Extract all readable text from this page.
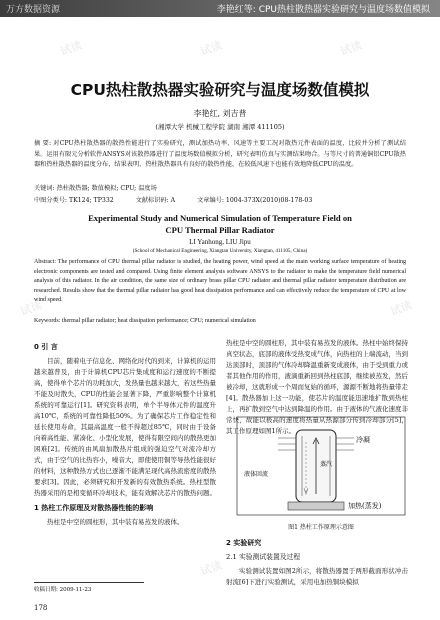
万方数据资源	李艳红等: CPU热柱散热器实验研究与温度场数值模拟
试读	试读	试读
试读	试读
试读
CPU热柱散热器实验研究与温度场数值模拟
李艳红, 刘吉普
(湘潭大学 机械工程学院 湖南 湘潭 411105)
摘 要: 对CPU热柱散热器的散热性能进行了实验研究，测试加热功率、风速等主要工况对散热元件表面的温度，比较并分析了测试结果。运用有限元分析软件ANSYS对该散热器进行了温度场数值模拟分析，研究表明仿真与实测结果吻合。与等尺寸的普通铜铝CPU散热器和热柱散热器的温度分布，结果表明，热柱散热器具有良好的散热性能，在较低风速下也能有效地降低CPU的温度。
关键词: 热柱散热器; 数值模拟; CPU; 温度场
中图分类号: TK124; TP332	文献标识码: A	文章编号: 1004-373X(2010)08-178-03
Experimental Study and Numerical Simulation of Temperature Field on
CPU Thermal Pillar Radiator
LI Yanhong, LIU Jipu
(School of Mechanical Engineering, Xiangtan University, Xiangtan, 411105, China)
Abstract: The performance of CPU thermal pillar radiator is studied, the heating power, wind speed at the main working surface temperature of heating electronic components are tested and compared. Using finite element analysis software ANSYS to the radiator to make the temperature field numerical analysis of this radiator. In the air condition, the same size of ordinary brass pillar CPU radiator and thermal pillar radiator temperature distribution are researched. Results show that the thermal pillar radiator has good heat dissipation performance and can effectively reduce the temperature of CPU at low wind speed.
Keywords: thermal pillar radiator; heat dissipation performance; CPU; numerical simulation
0 引 言

目前，随着电子信息化、网络化时代的到来，计算机的运用越来越普及，由于计算机CPU芯片集成度和运行速度的不断提高，使得单个芯片的功耗加大，发热量也越来越大，若这些热量不能及时散失，CPU的性能会显著下降，严重影响整个计算机系统的可靠运行[1]。研究资料表明，单个半导体元件的温度升高10℃，系统的可靠性降低50%。为了确保芯片工作稳定性和延长使用寿命，其最高温度一般不得超过85℃，同时由于设备向着高性能、紧凑化、小型化发展，使得有限空间内的散热更加困难[2]。传统的由风扇加散热片组成的强迫空气对流冷却方式，由于空气的比热容小，噪音大，即使使用铜等导热性能很好的材料，这种散热方式也已逐渐不能满足现代高热流密度的散热要求[3]。因此，必须研究和开发新的有效散热系统。热柱型散热器采用的是相变循环冷却技术，能有效解决芯片的散热问题。

1 热柱工作原理及对散热器性能的影响

热柱是中空的圆柱形，其中装有易蒸发的液体。

热柱是中空的圆柱形，其中装有易蒸发的液体。热柱中始终保持真空状态，底部的液体受热变成气体，向热柱的上端流动，当到达顶部时，顶部的气体冷却降温重新变成液体，由于受到重力或者其他作用的作用，液滴重新回到热柱底部，继续被蒸发，然后被冷却，这就形成一个周而复始的循环，源源不断地将热量带走[4]。散热器加上这一功能，使芯片的温度能迅速地扩散到热柱上，再扩散到空气中达到降温的作用。由于液体的气液化速度非常快，故能以极高的速度将热量从热源部分传到冷却部分[5]，其工作原理如图1所示。

冷凝
加热(蒸发)
蒸汽
液体回流
图1 热柱工作原理示意图
2 实验研究
2.1 实验测试装置及过程

实验测试装置如图2所示，将散热器置于两形截面形状冲击射流[6]下进行实验测试，采用电加热铜块模拟

收稿日期: 2009-11-23
178
